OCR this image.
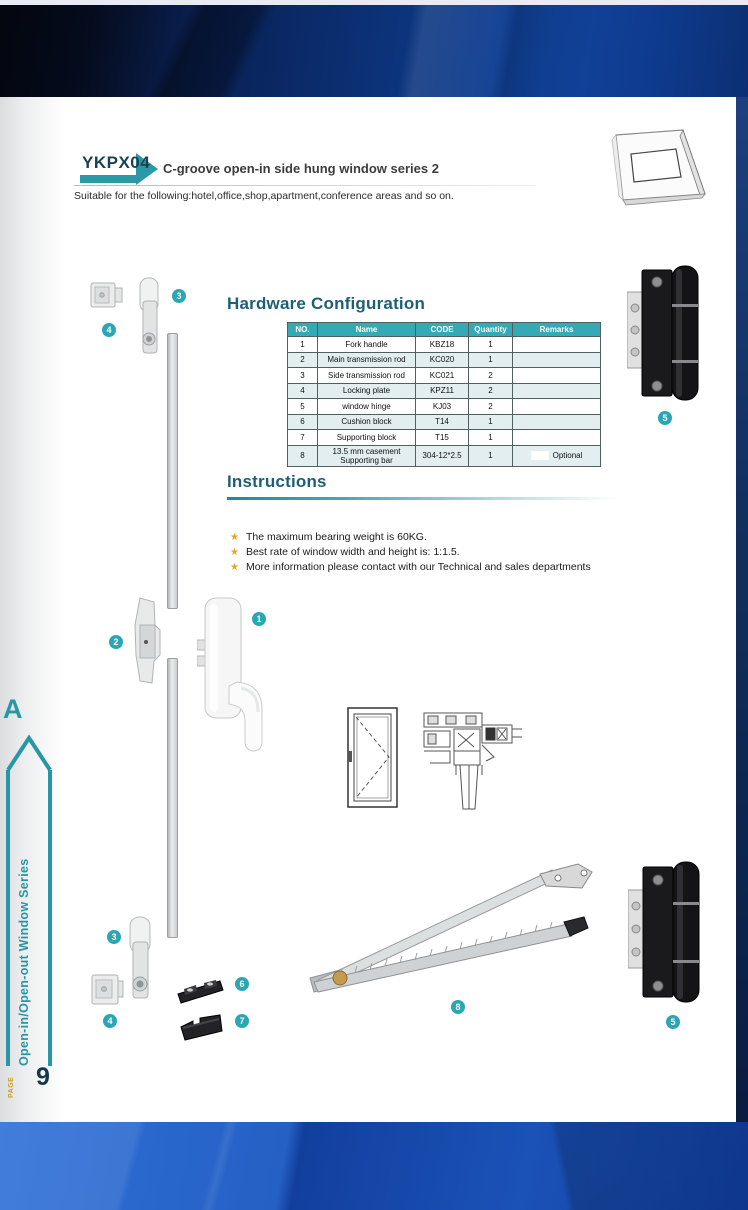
YKPX04 C-groove open-in side hung window series 2
Suitable for the following:hotel,office,shop,apartment,conference areas and so on.
Hardware Configuration
NO.	Name	CODE	Quantity	Remarks
1	Fork handle	KBZ18	1	
2	Main transmission rod	KC020	1	
3	Side transmission rod	KC021	2	
4	Locking plate	KPZ11	2	
5	window hinge	KJ03	2	
6	Cushion block	T14	1	
7	Supporting block	T15	1	
8	13.5 mm casement Supporting bar	304-12*2.5	1	Optional
Instructions
★ The maximum bearing weight is 60KG.
★ Best rate of window width and height is: 1:1.5.
★ More information please contact with our Technical and sales departments
3
4
1
2
5
3
4
6
7
8
5
A
Open-in/Open-out Window Series
PAGE 9
